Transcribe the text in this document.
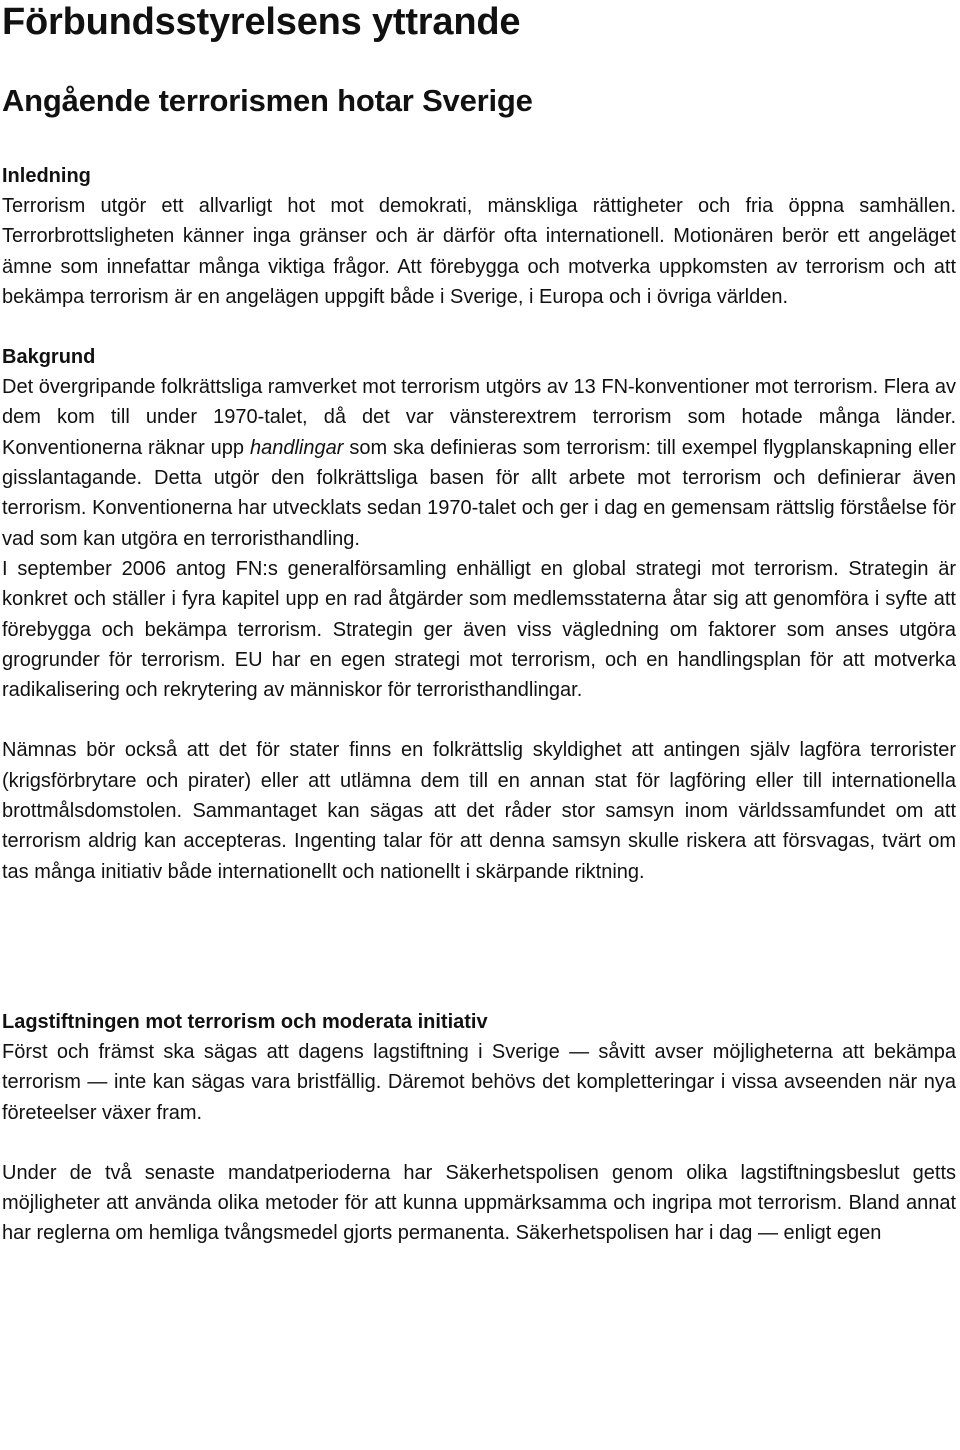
Förbundsstyrelsens yttrande
Angående terrorismen hotar Sverige
Inledning

Terrorism utgör ett allvarligt hot mot demokrati, mänskliga rättigheter och fria öppna samhällen. Terrorbrottsligheten känner inga gränser och är därför ofta internationell. Motionären berör ett angeläget ämne som innefattar många viktiga frågor. Att förebygga och motverka uppkomsten av terrorism och att bekämpa terrorism är en angelägen uppgift både i Sverige, i Europa och i övriga världen.

Bakgrund

Det övergripande folkrättsliga ramverket mot terrorism utgörs av 13 FN-konventioner mot terrorism. Flera av dem kom till under 1970-talet, då det var vänsterextrem terrorism som hotade många länder. Konventionerna räknar upp handlingar som ska definieras som terrorism: till exempel flygplanskapning eller gisslantagande. Detta utgör den folkrättsliga basen för allt arbete mot terrorism och definierar även terrorism. Konventionerna har utvecklats sedan 1970-talet och ger i dag en gemensam rättslig förståelse för vad som kan utgöra en terroristhandling.

I september 2006 antog FN:s generalförsamling enhälligt en global strategi mot terrorism. Strategin är konkret och ställer i fyra kapitel upp en rad åtgärder som medlemsstaterna åtar sig att genomföra i syfte att förebygga och bekämpa terrorism. Strategin ger även viss vägledning om faktorer som anses utgöra grogrunder för terrorism. EU har en egen strategi mot terrorism, och en handlingsplan för att motverka radikalisering och rekrytering av människor för terroristhandlingar.

Nämnas bör också att det för stater finns en folkrättslig skyldighet att antingen själv lagföra terrorister (krigsförbrytare och pirater) eller att utlämna dem till en annan stat för lagföring eller till internationella brottmålsdomstolen. Sammantaget kan sägas att det råder stor samsyn inom världssamfundet om att terrorism aldrig kan accepteras. Ingenting talar för att denna samsyn skulle riskera att försvagas, tvärt om tas många initiativ både internationellt och nationellt i skärpande riktning.

Lagstiftningen mot terrorism och moderata initiativ

Först och främst ska sägas att dagens lagstiftning i Sverige — såvitt avser möjligheterna att bekämpa terrorism — inte kan sägas vara bristfällig. Däremot behövs det kompletteringar i vissa avseenden när nya företeelser växer fram.

Under de två senaste mandatperioderna har Säkerhetspolisen genom olika lagstiftningsbeslut getts möjligheter att använda olika metoder för att kunna uppmärksamma och ingripa mot terrorism. Bland annat har reglerna om hemliga tvångsmedel gjorts permanenta. Säkerhetspolisen har i dag — enligt egen
